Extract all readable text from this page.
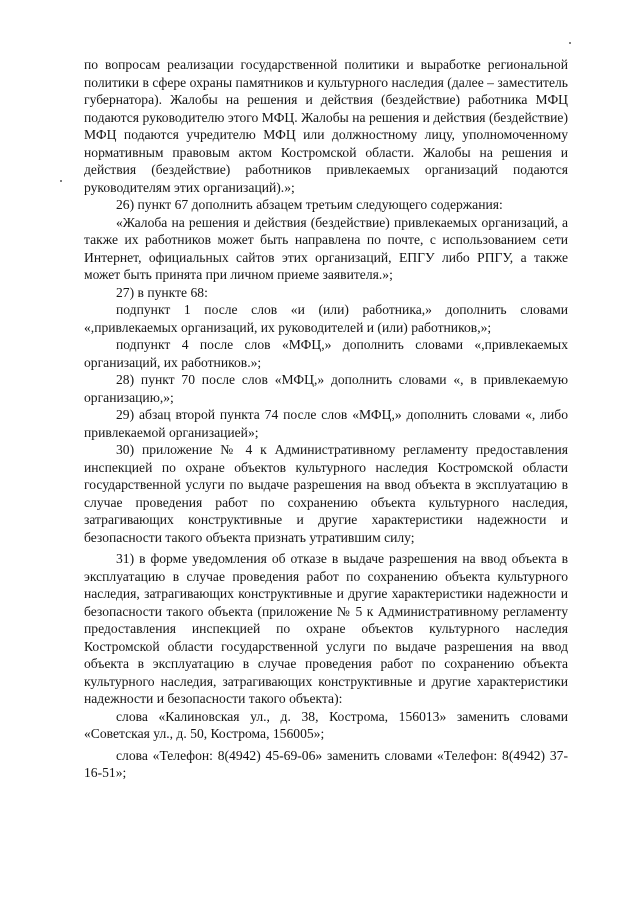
по вопросам реализации государственной политики и выработке региональной политики в сфере охраны памятников и культурного наследия (далее – заместитель губернатора). Жалобы на решения и действия (бездействие) работника МФЦ подаются руководителю этого МФЦ. Жалобы на решения и действия (бездействие) МФЦ подаются учредителю МФЦ или должностному лицу, уполномоченному нормативным правовым актом Костромской области. Жалобы на решения и действия (бездействие) работников привлекаемых организаций подаются руководителям этих организаций).»;

26) пункт 67 дополнить абзацем третьим следующего содержания:

«Жалоба на решения и действия (бездействие) привлекаемых организаций, а также их работников может быть направлена по почте, с использованием сети Интернет, официальных сайтов этих организаций, ЕПГУ либо РПГУ, а также может быть принята при личном приеме заявителя.»;

27) в пункте 68:

подпункт 1 после слов «и (или) работника,» дополнить словами «,привлекаемых организаций, их руководителей и (или) работников,»;

подпункт 4 после слов «МФЦ,» дополнить словами «,привлекаемых организаций, их работников.»;

28) пункт 70 после слов «МФЦ,» дополнить словами «, в привлекаемую организацию,»;

29) абзац второй пункта 74 после слов «МФЦ,» дополнить словами «, либо привлекаемой организацией»;

30) приложение № 4 к Административному регламенту предоставления инспекцией по охране объектов культурного наследия Костромской области государственной услуги по выдаче разрешения на ввод объекта в эксплуатацию в случае проведения работ по сохранению объекта культурного наследия, затрагивающих конструктивные и другие характеристики надежности и безопасности такого объекта признать утратившим силу;

31) в форме уведомления об отказе в выдаче разрешения на ввод объекта в эксплуатацию в случае проведения работ по сохранению объекта культурного наследия, затрагивающих конструктивные и другие характеристики надежности и безопасности такого объекта (приложение № 5 к Административному регламенту предоставления инспекцией по охране объектов культурного наследия Костромской области государственной услуги по выдаче разрешения на ввод объекта в эксплуатацию в случае проведения работ по сохранению объекта культурного наследия, затрагивающих конструктивные и другие характеристики надежности и безопасности такого объекта):

слова «Калиновская ул., д. 38, Кострома, 156013» заменить словами «Советская ул., д. 50, Кострома, 156005»;

слова «Телефон: 8(4942) 45-69-06» заменить словами «Телефон: 8(4942) 37-16-51»;
